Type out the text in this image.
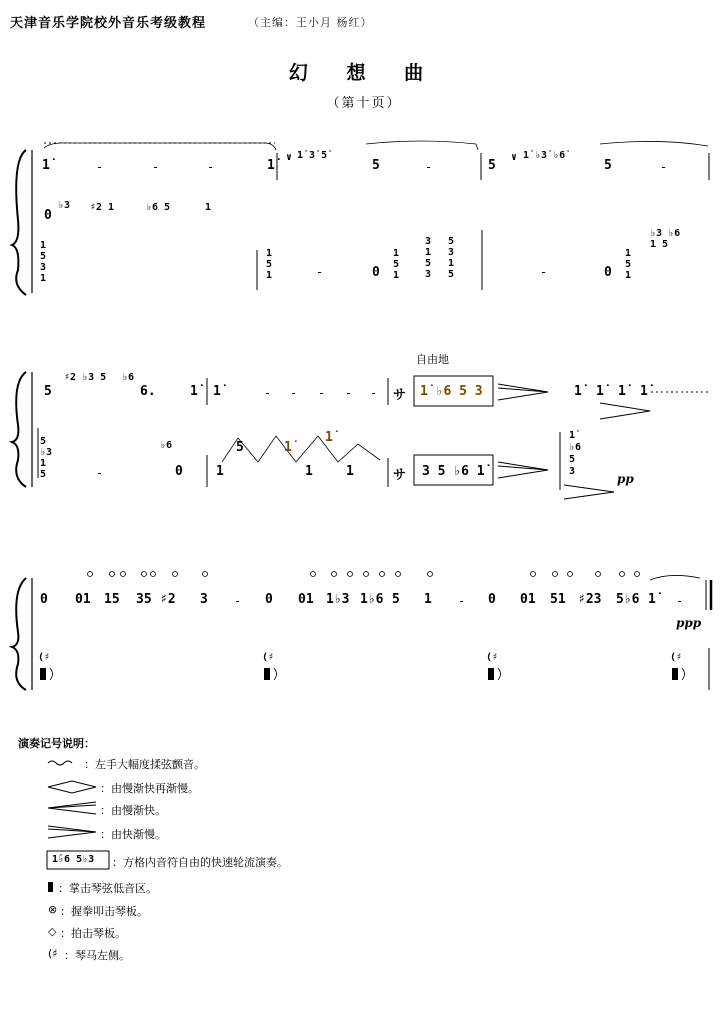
天津音乐学院校外音乐考级教程	（主编：王小月 杨红）
幻 想 曲
（第十页）
1̇	-	-	-	1̇
∨ 1̇ 3̇ 5̇
5	-	5
∨ 1̇ ♭3̇ ♭6̇
5	-
0
♭3 ♯2 1	♭6 5	1
1 5 3 1
1 5 1	-	0
1 5 1
3 1 5 3
5 3 1 5	-	0
1 5 1
♭3 ♭6 1 5
自由地
5
♯2 ♭3 5 ♭6
6.	1̇ 1̇	- - - - - サ 1̇ ♭6 5 3	1̇ 1̇ 1̇ 1̇
5 ♭3 1 5	-
♭6
0	1
5	1̇
1̇
1	1	サ 3 5 ♭6 1̇
1̇ ♭6 5 3
pp
0 01 15 35 ♯2 3 - 0 01 1♭3 1♭6 5 1 - 0 01 51 ♯23 5♭6 1̇ -
ppp
(♯	(♯	(♯	(♯
演奏记号说明：
：左手大幅度揉弦颤音。
：由慢渐快再渐慢。
：由慢渐快。
：由快渐慢。
1̇♭6 5♭3 ：方格内音符自由的快速轮流演奏。
：掌击琴弦低音区。
⊗ ：握拳叩击琴板。
◇ ：拍击琴板。
(♯ ：琴马左侧。
